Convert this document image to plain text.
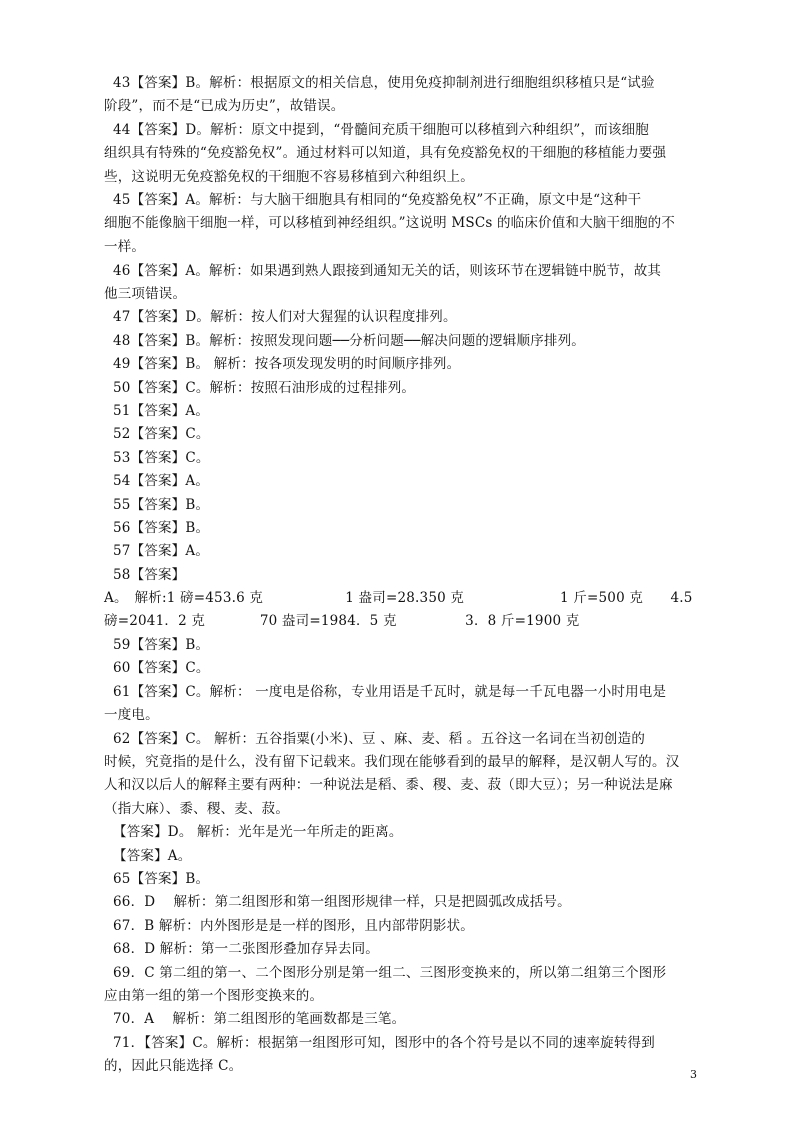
43【答案】B。解析：根据原文的相关信息，使用免疫抑制剂进行细胞组织移植只是“试验
阶段”，而不是“已成为历史”，故错误。
44【答案】D。解析：原文中提到，“骨髓间充质干细胞可以移植到六种组织”，而该细胞
组织具有特殊的“免疫豁免权”。通过材料可以知道，具有免疫豁免权的干细胞的移植能力要强
些，这说明无免疫豁免权的干细胞不容易移植到六种组织上。
45【答案】A。解析：与大脑干细胞具有相同的“免疫豁免权”不正确，原文中是“这种干
细胞不能像脑干细胞一样，可以移植到神经组织。”这说明 MSCs 的临床价值和大脑干细胞的不
一样。
46【答案】A。解析：如果遇到熟人跟接到通知无关的话，则该环节在逻辑链中脱节，故其
他三项错误。
47【答案】D。解析：按人们对大猩猩的认识程度排列。
48【答案】B。解析：按照发现问题──分析问题──解决问题的逻辑顺序排列。
49【答案】B。 解析：按各项发现发明的时间顺序排列。
50【答案】C。解析：按照石油形成的过程排列。
51【答案】A。
52【答案】C。
53【答案】C。
54【答案】A。
55【答案】B。
56【答案】B。
57【答案】A。
58【答案】
A。　解析:1 磅=453.6 克　　　　　　1 盎司=28.350 克　　　　　　　1 斤=500 克　　4.5
磅=2041．2 克　　　　70 盎司=1984．5 克　　　　　3．8 斤=1900 克
59【答案】B。
60【答案】C。
61【答案】C。解析： 一度电是俗称，专业用语是千瓦时，就是每一千瓦电器一小时用电是
一度电。
62【答案】C。 解析：五谷指粟(小米)、豆 、麻、麦、稻 。五谷这一名词在当初创造的
时候，究竟指的是什么，没有留下记载来。我们现在能够看到的最早的解释，是汉朝人写的。汉
人和汉以后人的解释主要有两种：一种说法是稻、黍、稷、麦、菽（即大豆）；另一种说法是麻
（指大麻）、黍、稷、麦、菽。
【答案】D。 解析：光年是光一年所走的距离。
【答案】A。
65【答案】B。
66．D　 解析：第二组图形和第一组图形规律一样，只是把圆弧改成括号。
67．B 解析：内外图形是是一样的图形，且内部带阴影状。
68．D 解析：第一二张图形叠加存异去同。
69．C 第二组的第一、二个图形分别是第一组二、三图形变换来的，所以第二组第三个图形
应由第一组的第一个图形变换来的。
70．A 　解析：第二组图形的笔画数都是三笔。
71．【答案】C。解析：根据第一组图形可知，图形中的各个符号是以不同的速率旋转得到
的，因此只能选择 C。
3
